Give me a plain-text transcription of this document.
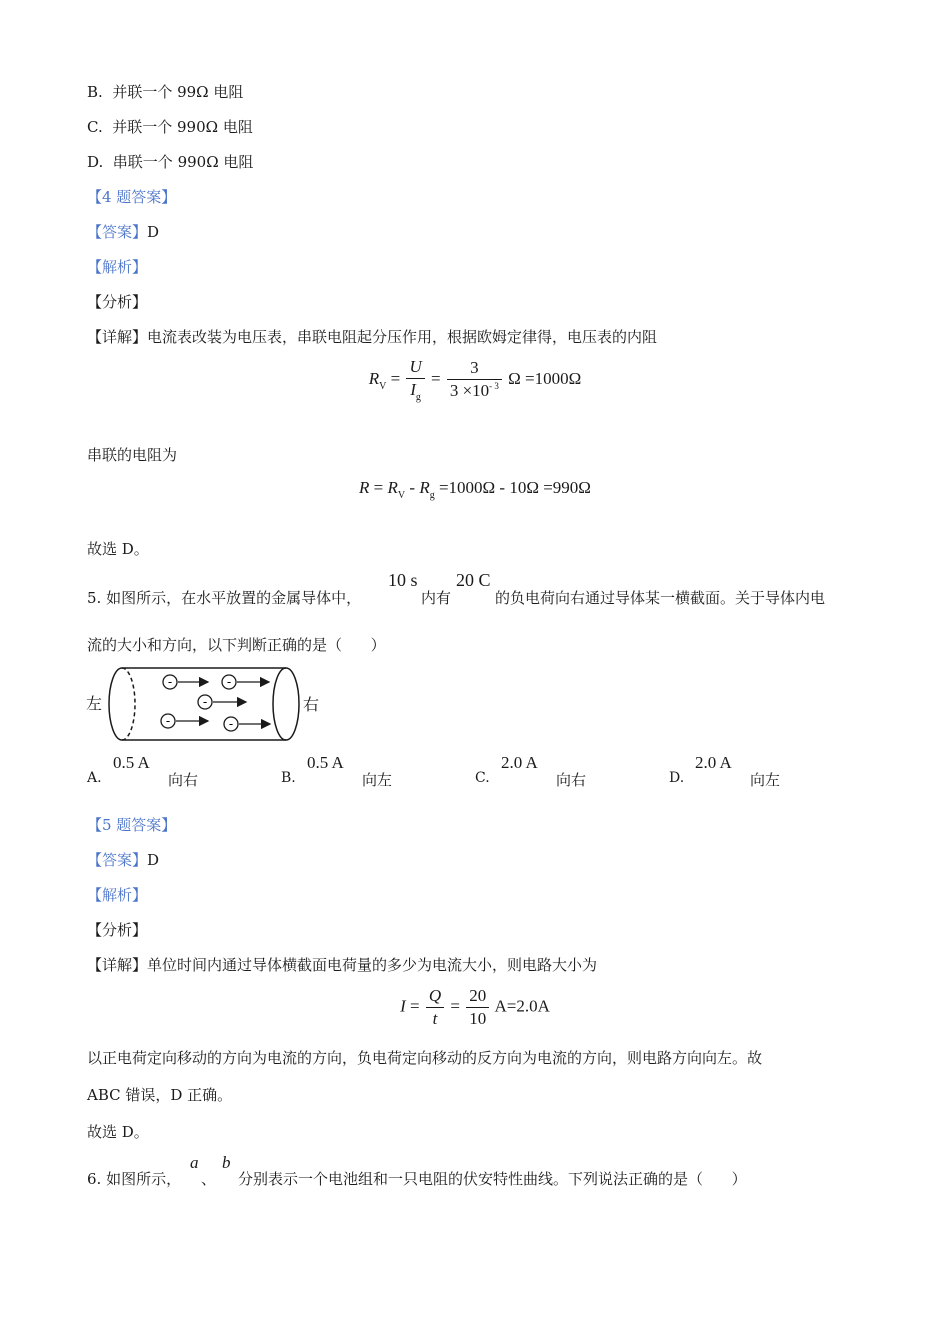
B.  并联一个 99Ω 电阻
C.  并联一个 990Ω 电阻
D.  串联一个 990Ω 电阻
【4 题答案】
【答案】D
【解析】
【分析】
【详解】电流表改装为电压表，串联电阻起分压作用，根据欧姆定律得，电压表的内阻
$R_V = \frac{U}{I_g} = \frac{3}{3 \times 10^{- 3}}$ Ω =1000Ω
串联的电阻为
$R = R_V - R_g =1000\Omega - 10\Omega =990\Omega$
故选 D。
5. 如图所示，在水平放置的金属导体中，
10 s
内有
20 C
的负电荷向右通过导体某一横截面。关于导体内电
流的大小和方向，以下判断正确的是（      ）
左	右
-	-
-
-	-
A.
0.5 A
向右	B.
0.5 A
向左	C.
2.0 A
向右	D.
2.0 A
向左
【5 题答案】
【答案】D
【解析】
【分析】
【详解】单位时间内通过导体横截面电荷量的多少为电流大小，则电路大小为
$I = \frac{Q}{t} = \frac{20}{10} A=2.0A$
以正电荷定向移动的方向为电流的方向，负电荷定向移动的反方向为电流的方向，则电路方向向左。故
ABC 错误，D 正确。
故选 D。
6. 如图所示，
a
、
b
分别表示一个电池组和一只电阻的伏安特性曲线。下列说法正确的是（      ）
